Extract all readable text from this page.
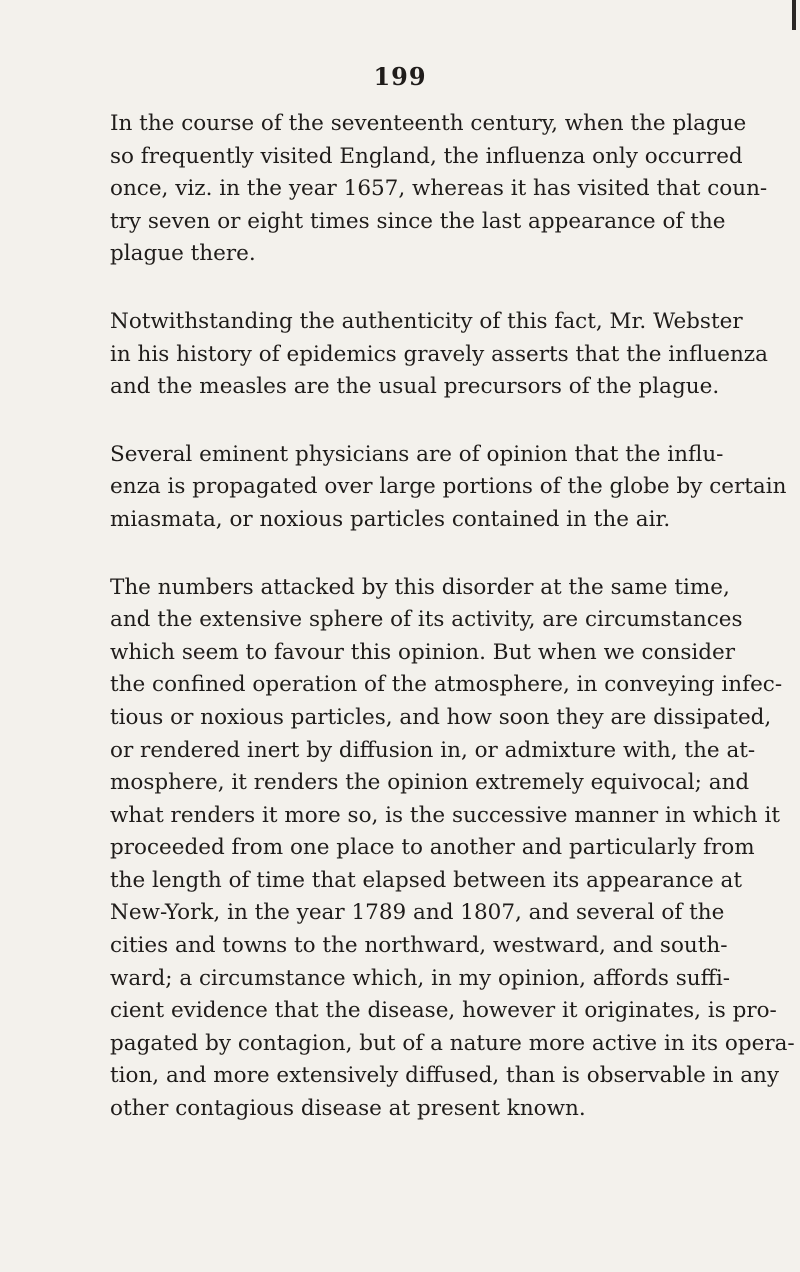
199

In the course of the seventeenth century, when the plague
so frequently visited England, the influenza only occurred
once, viz. in the year 1657, whereas it has visited that coun-
try seven or eight times since the last appearance of the
plague there.

Notwithstanding the authenticity of this fact, Mr. Webster
in his history of epidemics gravely asserts that the influenza
and the measles are the usual precursors of the plague.

Several eminent physicians are of opinion that the influ-
enza is propagated over large portions of the globe by certain
miasmata, or noxious particles contained in the air.

The numbers attacked by this disorder at the same time,
and the extensive sphere of its activity, are circumstances
which seem to favour this opinion. But when we consider
the confined operation of the atmosphere, in conveying infec-
tious or noxious particles, and how soon they are dissipated,
or rendered inert by diffusion in, or admixture with, the at-
mosphere, it renders the opinion extremely equivocal; and
what renders it more so, is the successive manner in which it
proceeded from one place to another and particularly from
the length of time that elapsed between its appearance at
New-York, in the year 1789 and 1807, and several of the
cities and towns to the northward, westward, and south-
ward; a circumstance which, in my opinion, affords suffi-
cient evidence that the disease, however it originates, is pro-
pagated by contagion, but of a nature more active in its opera-
tion, and more extensively diffused, than is observable in any
other contagious disease at present known.
